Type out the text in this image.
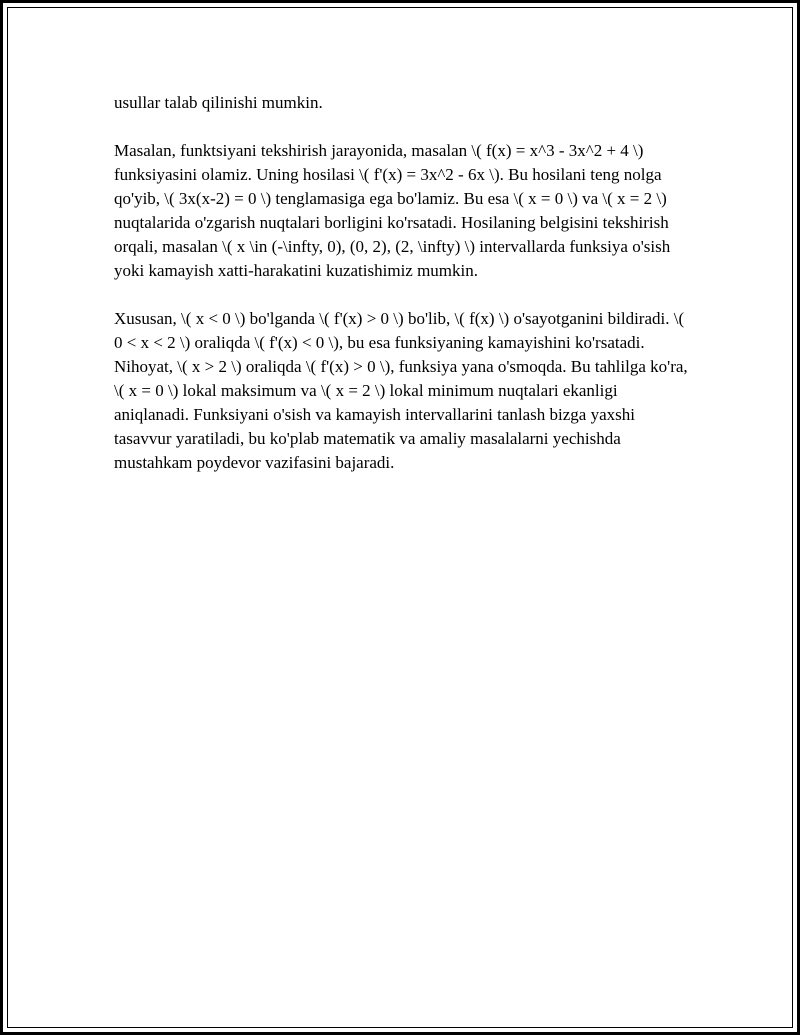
usullar talab qilinishi mumkin.

Masalan, funktsiyani tekshirish jarayonida, masalan \( f(x) = x^3 - 3x^2 + 4 \) funksiyasini olamiz. Uning hosilasi \( f'(x) = 3x^2 - 6x \). Bu hosilani teng nolga qo'yib, \( 3x(x-2) = 0 \) tenglamasiga ega bo'lamiz. Bu esa \( x = 0 \) va \( x = 2 \) nuqtalarida o'zgarish nuqtalari borligini ko'rsatadi. Hosilaning belgisini tekshirish orqali, masalan \( x \in (-\infty, 0), (0, 2), (2, \infty) \) intervallarda funksiya o'sish yoki kamayish xatti-harakatini kuzatishimiz mumkin.

Xususan, \( x < 0 \) bo'lganda \( f'(x) > 0 \) bo'lib, \( f(x) \) o'sayotganini bildiradi. \( 0 < x < 2 \) oraliqda \( f'(x) < 0 \), bu esa funksiyaning kamayishini ko'rsatadi. Nihoyat, \( x > 2 \) oraliqda \( f'(x) > 0 \), funksiya yana o'smoqda. Bu tahlilga ko'ra, \( x = 0 \) lokal maksimum va \( x = 2 \) lokal minimum nuqtalari ekanligi aniqlanadi. Funksiyani o'sish va kamayish intervallarini tanlash bizga yaxshi tasavvur yaratiladi, bu ko'plab matematik va amaliy masalalarni yechishda mustahkam poydevor vazifasini bajaradi.
